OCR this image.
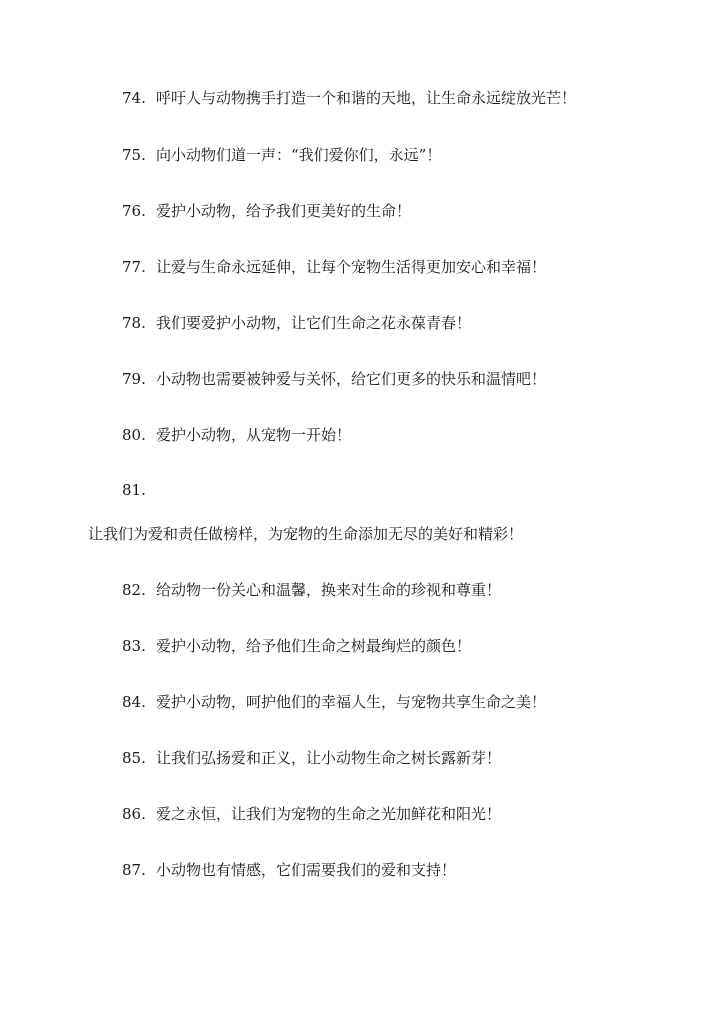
74. 呼吁人与动物携手打造一个和谐的天地，让生命永远绽放光芒！
75. 向小动物们道一声：“我们爱你们，永远”！
76. 爱护小动物，给予我们更美好的生命！
77. 让爱与生命永远延伸，让每个宠物生活得更加安心和幸福！
78. 我们要爱护小动物，让它们生命之花永葆青春！
79. 小动物也需要被钟爱与关怀，给它们更多的快乐和温情吧！
80. 爱护小动物，从宠物一开始！
81.
让我们为爱和责任做榜样，为宠物的生命添加无尽的美好和精彩！
82. 给动物一份关心和温馨，换来对生命的珍视和尊重！
83. 爱护小动物，给予他们生命之树最绚烂的颜色！
84. 爱护小动物，呵护他们的幸福人生，与宠物共享生命之美！
85. 让我们弘扬爱和正义，让小动物生命之树长露新芽！
86. 爱之永恒，让我们为宠物的生命之光加鲜花和阳光！
87. 小动物也有情感，它们需要我们的爱和支持！
